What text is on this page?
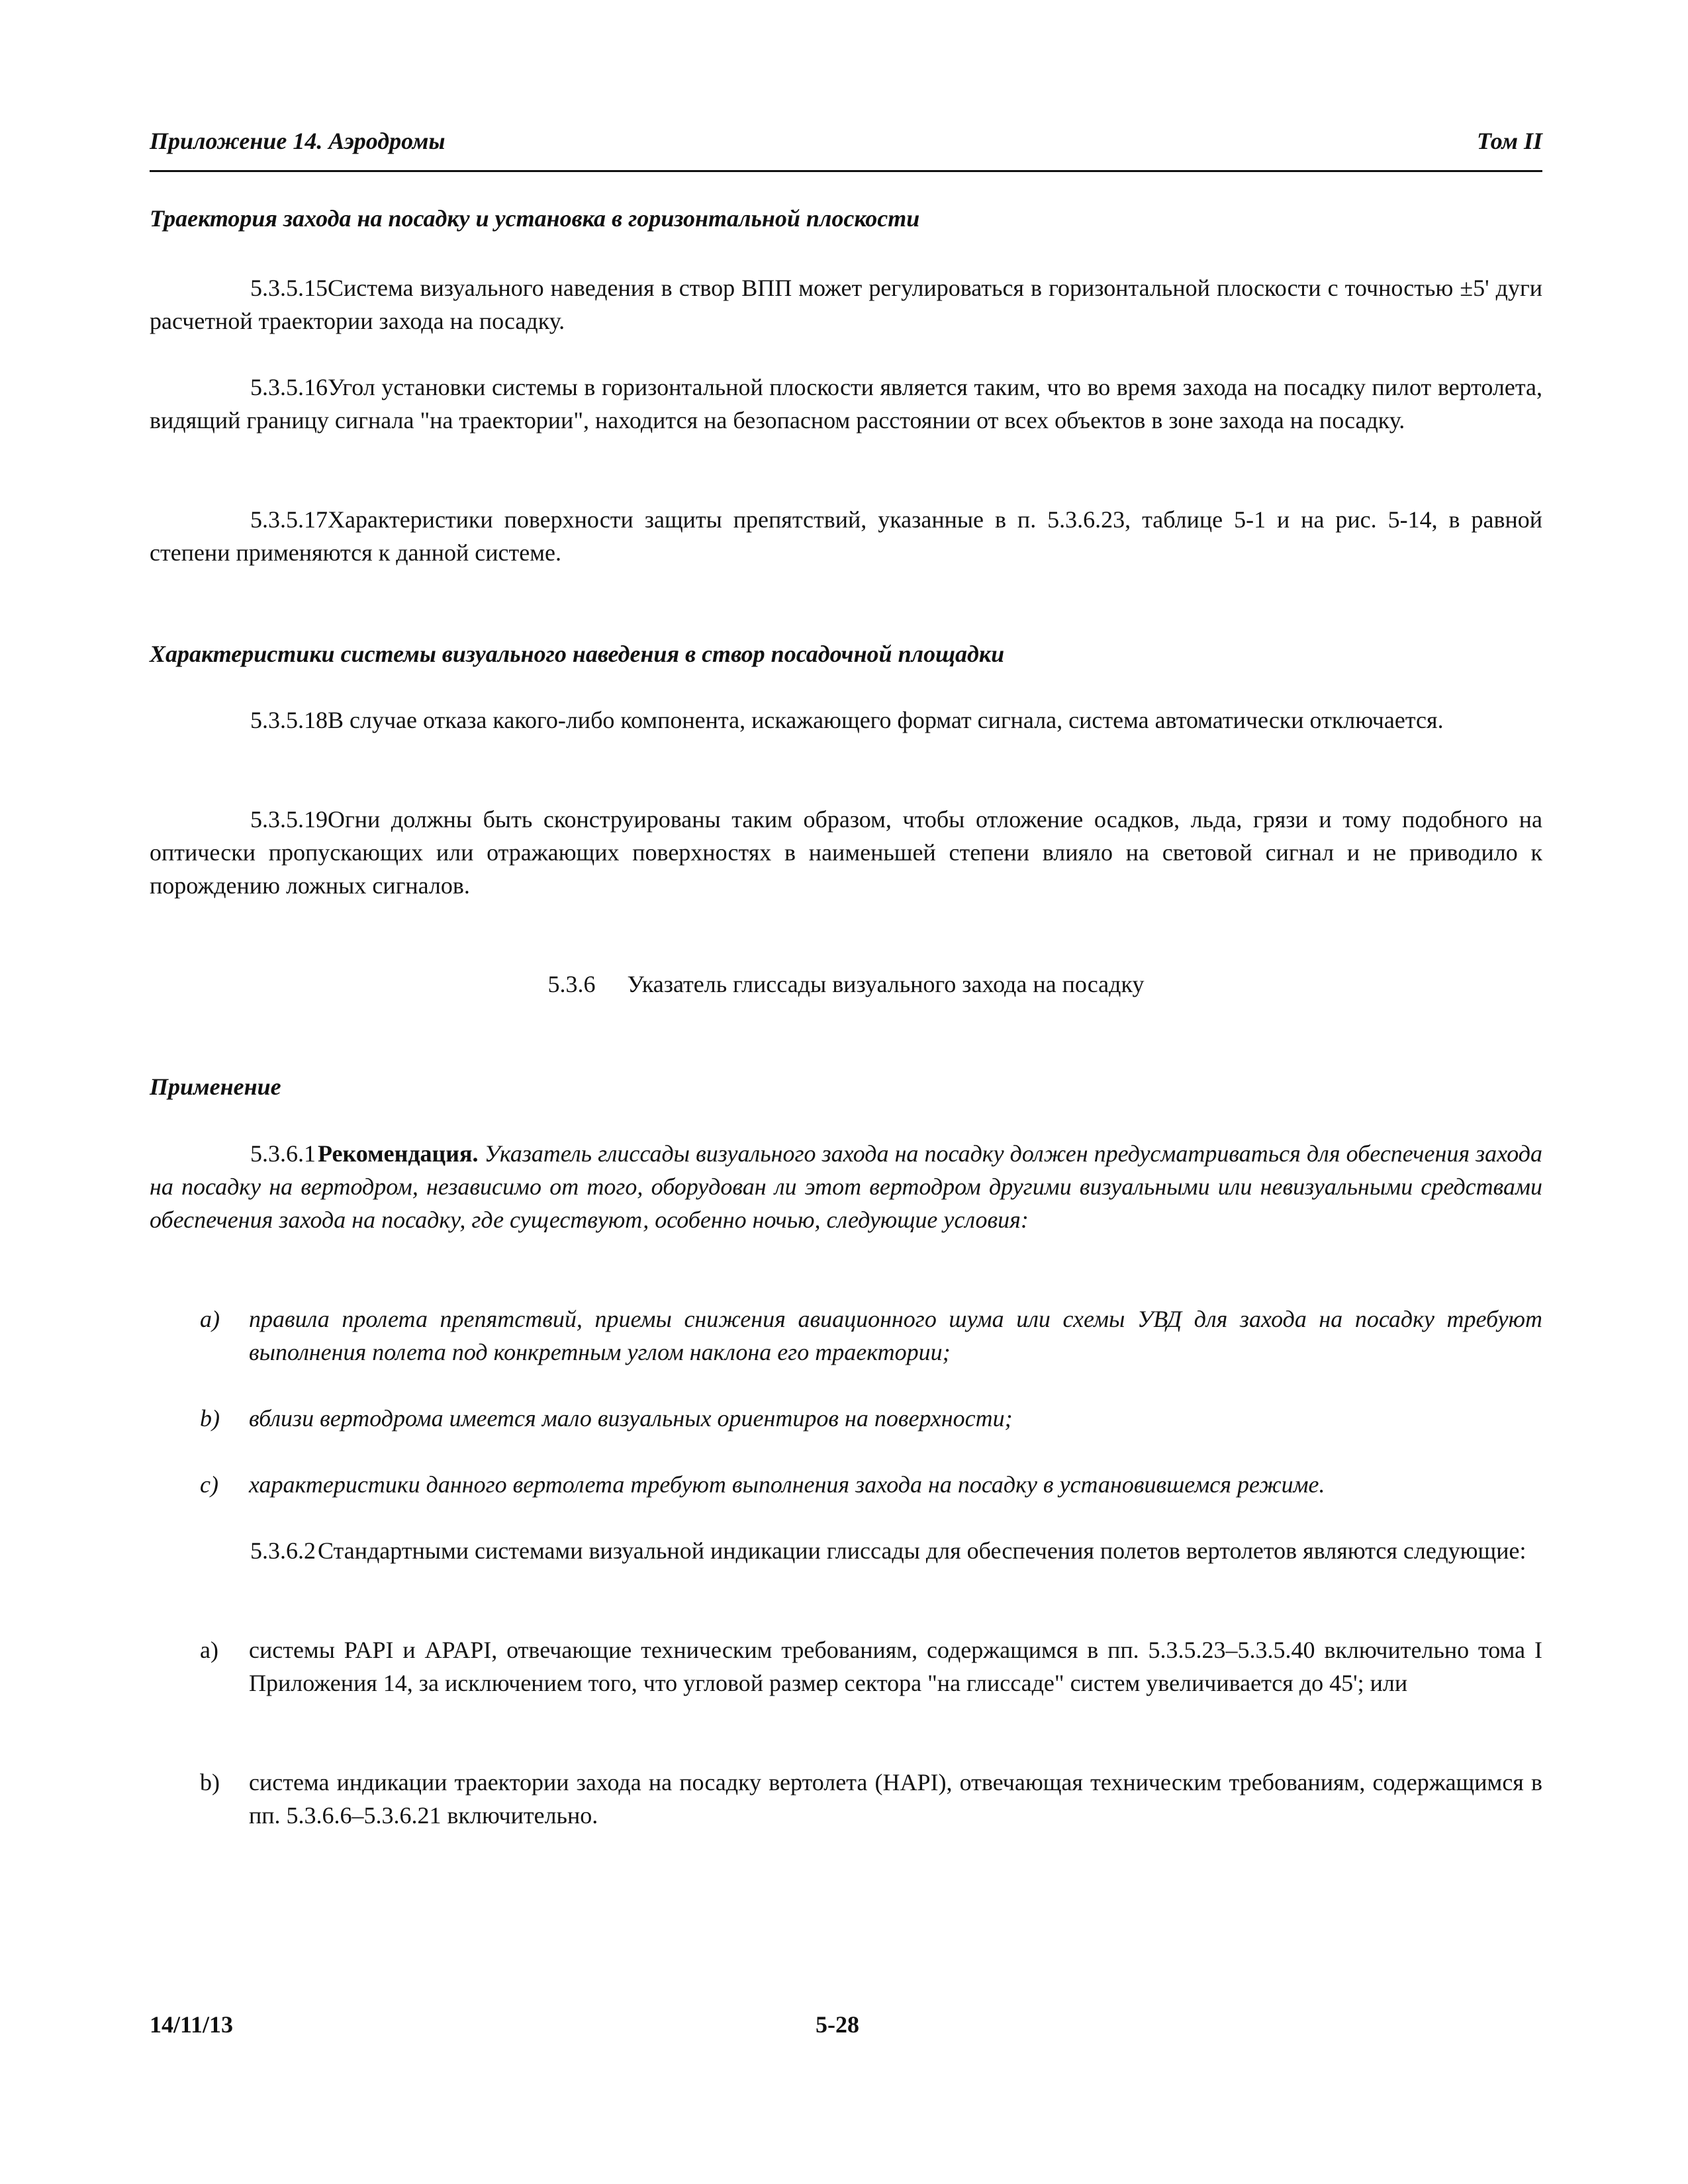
Приложение 14. Аэродромы	Том II

Траектория захода на посадку и установка в горизонтальной плоскости

5.3.5.15Система визуального наведения в створ ВПП может регулироваться в горизонтальной плоскости с точностью ±5' дуги расчетной траектории захода на посадку.

5.3.5.16Угол установки системы в горизонтальной плоскости является таким, что во время захода на посадку пилот вертолета, видящий границу сигнала "на траектории", находится на безопасном расстоянии от всех объектов в зоне захода на посадку.

5.3.5.17Характеристики поверхности защиты препятствий, указанные в п. 5.3.6.23, таблице 5-1 и на рис. 5-14, в равной степени применяются к данной системе.

Характеристики системы визуального наведения в створ посадочной площадки

5.3.5.18В случае отказа какого-либо компонента, искажающего формат сигнала, система автоматически отключается.

5.3.5.19Огни должны быть сконструированы таким образом, чтобы отложение осадков, льда, грязи и тому подобного на оптически пропускающих или отражающих поверхностях в наименьшей степени влияло на световой сигнал и не приводило к порождению ложных сигналов.

5.3.6 Указатель глиссады визуального захода на посадку

Применение

5.3.6.1Рекомендация. Указатель глиссады визуального захода на посадку должен предусматриваться для обеспечения захода на посадку на вертодром, независимо от того, оборудован ли этот вертодром другими визуальными или невизуальными средствами обеспечения захода на посадку, где существуют, особенно ночью, следующие условия:

a) правила пролета препятствий, приемы снижения авиационного шума или схемы УВД для захода на посадку требуют выполнения полета под конкретным углом наклона его траектории;
b) вблизи вертодрома имеется мало визуальных ориентиров на поверхности;
c) характеристики данного вертолета требуют выполнения захода на посадку в установившемся режиме.

5.3.6.2Стандартными системами визуальной индикации глиссады для обеспечения полетов вертолетов являются следующие:

a) системы PAPI и APAPI, отвечающие техническим требованиям, содержащимся в пп. 5.3.5.23–5.3.5.40 включительно тома I Приложения 14, за исключением того, что угловой размер сектора "на глиссаде" систем увеличивается до 45'; или
b) система индикации траектории захода на посадку вертолета (HAPI), отвечающая техническим требованиям, содержащимся в пп. 5.3.6.6–5.3.6.21 включительно.
14/11/13	5-28
